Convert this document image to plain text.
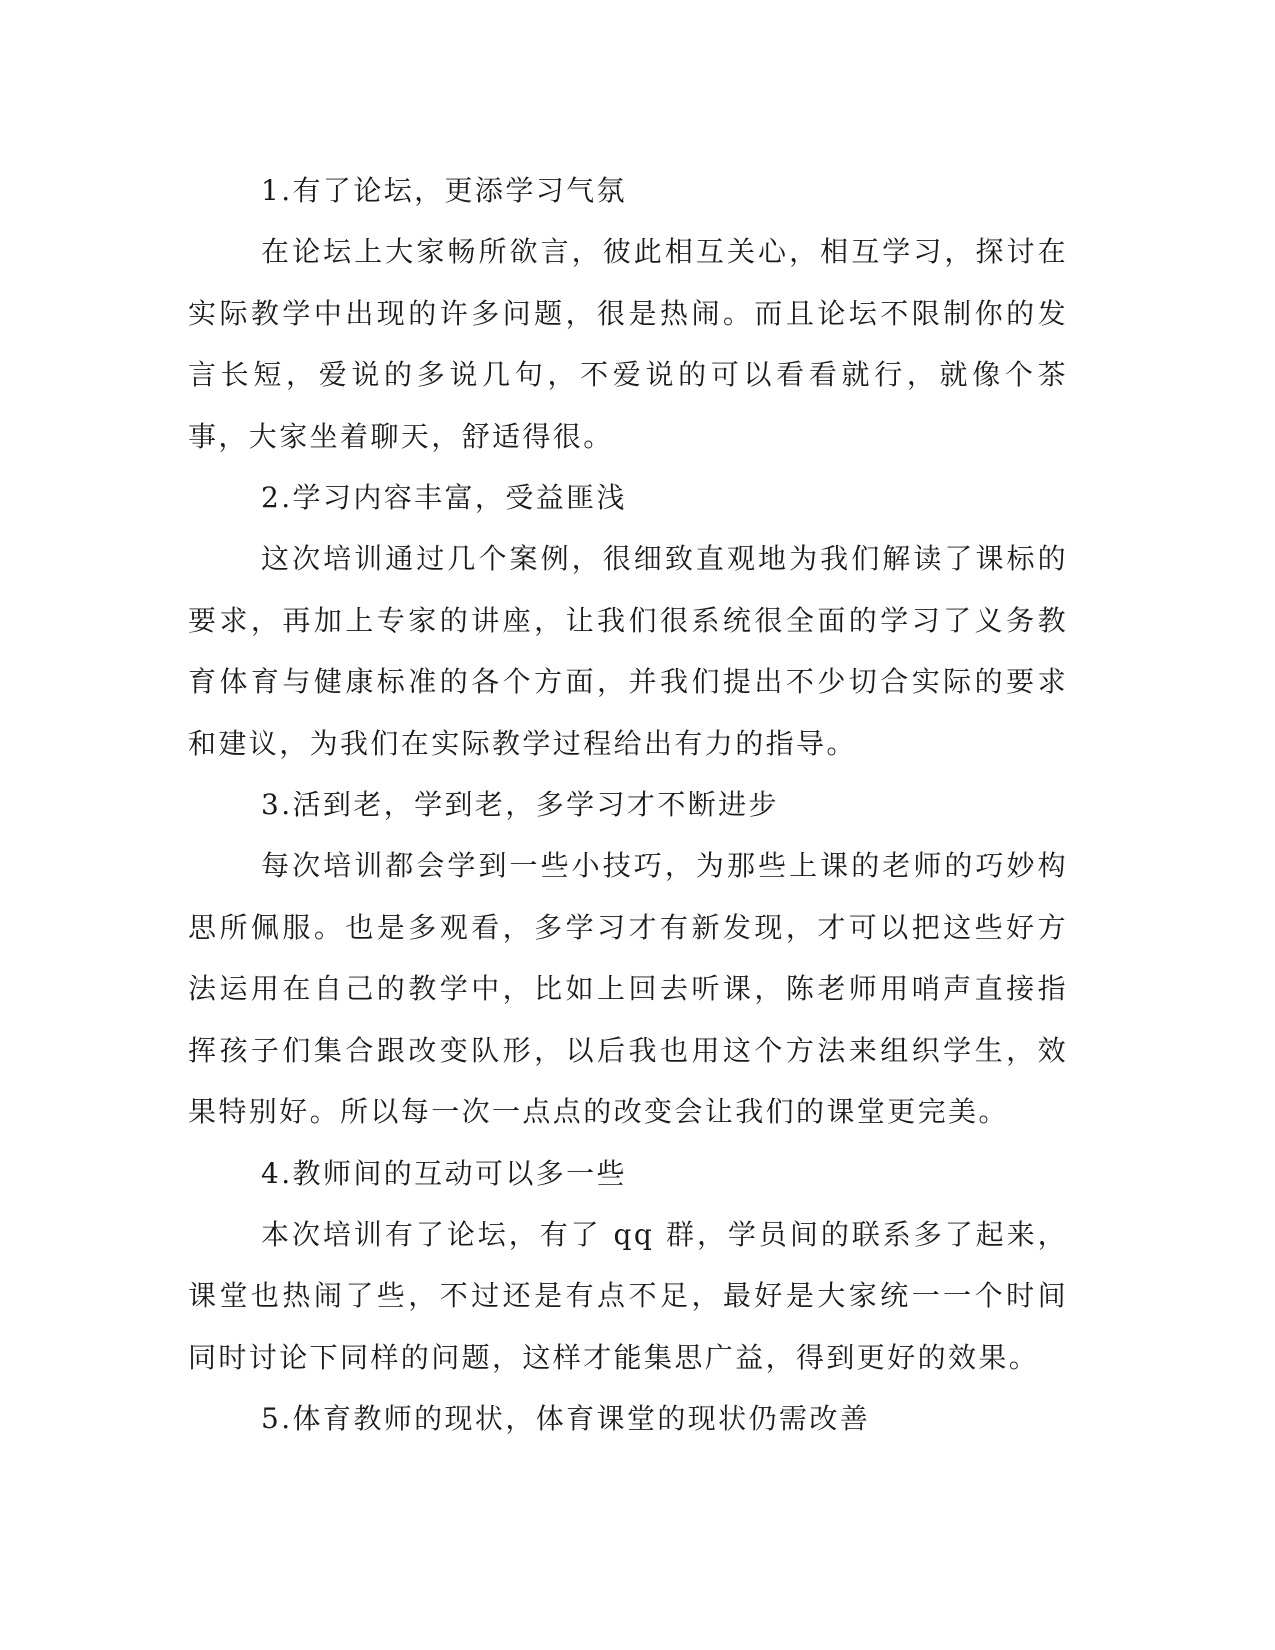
1.有了论坛，更添学习气氛

在论坛上大家畅所欲言，彼此相互关心，相互学习，探讨在实际教学中出现的许多问题，很是热闹。而且论坛不限制你的发言长短，爱说的多说几句，不爱说的可以看看就行，就像个茶事，大家坐着聊天，舒适得很。

2.学习内容丰富，受益匪浅

这次培训通过几个案例，很细致直观地为我们解读了课标的要求，再加上专家的讲座，让我们很系统很全面的学习了义务教育体育与健康标准的各个方面，并我们提出不少切合实际的要求和建议，为我们在实际教学过程给出有力的指导。

3.活到老，学到老，多学习才不断进步

每次培训都会学到一些小技巧，为那些上课的老师的巧妙构思所佩服。也是多观看，多学习才有新发现，才可以把这些好方法运用在自己的教学中，比如上回去听课，陈老师用哨声直接指挥孩子们集合跟改变队形，以后我也用这个方法来组织学生，效果特别好。所以每一次一点点的改变会让我们的课堂更完美。

4.教师间的互动可以多一些

本次培训有了论坛，有了 qq 群，学员间的联系多了起来，课堂也热闹了些，不过还是有点不足，最好是大家统一一个时间同时讨论下同样的问题，这样才能集思广益，得到更好的效果。

5.体育教师的现状，体育课堂的现状仍需改善
